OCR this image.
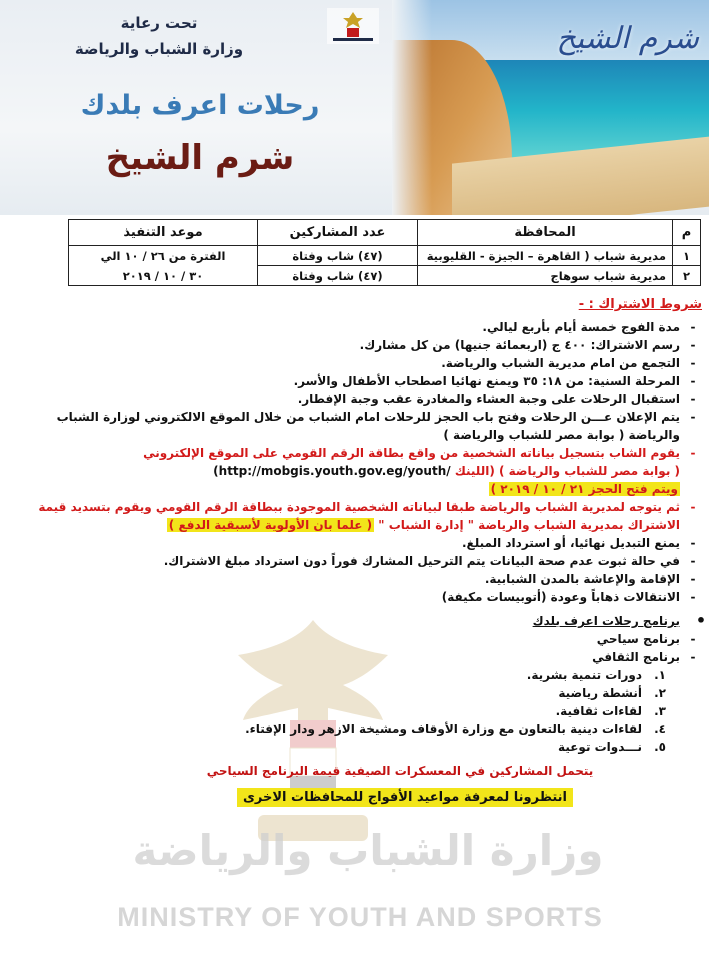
شرم الشيخ
تحت رعاية
وزارة الشباب والرياضة
رحلات اعرف بلدك
شرم الشيخ
م	المحافظة	عدد المشاركين	موعد التنفيذ
١	مديرية شباب ( القاهرة – الجيزة - القليوبية	(٤٧) شاب وفتاة	الفترة من ٢٦ / ١٠ الي
٣٠ / ١٠ / ٢٠١٩

٢	مديرية شباب سوهاج	(٤٧) شاب وفتاة	
وزارة الشباب والرياضة
MINISTRY OF YOUTH AND SPORTS
شروط الاشتراك : -
-
مدة الفوج خمسة أيام بأربع ليالي.
-
رسم الاشتراك: ٤٠٠ ج (اربعمائة جنيها) من كل مشارك.
-
التجمع من امام مديرية الشباب والرياضة.
-
المرحلة السنية: من ١٨: ٣٥ ويمنع نهائيا اصطحاب الأطفال والأسر.
-
استقبال الرحلات على وجبة العشاء والمغادرة عقب وجبة الإفطار.
-
يتم الإعلان عـــن الرحلات وفتح باب الحجز للرحلات امام الشباب من خلال الموقع الالكتروني لوزارة الشباب والرياضة ( بوابة مصر للشباب والرياضة )
-
يقوم الشاب بتسجيل بياناته الشخصية من واقع بطاقة الرقم القومي على الموقع الإلكتروني
( بوابة مصر للشباب والرياضة ) (اللينك (http://mobgis.youth.gov.eg/youth/
ويتم فتح الحجز ٢١ / ١٠ / ٢٠١٩ )
-
ثم يتوجه لمديرية الشباب والرياضة طبقا لبياناته الشخصية الموجودة ببطاقة الرقم القومي ويقوم بتسديد قيمة
الاشتراك بمديرية الشباب والرياضة " إدارة الشباب " ( علما بان الأولوية لأسبقية الدفع )
-
يمنع التبديل نهائيا، أو استرداد المبلغ.
-
في حالة ثبوت عدم صحة البيانات يتم الترحيل المشارك فوراً دون استرداد مبلغ الاشتراك.
-
الإقامة والإعاشة بالمدن الشبابية.
-
الانتقالات ذهاباً وعودة (أتوبيسات مكيفة)
•
برنامج رحلات اعرف بلدك
-
برنامج سياحي
-
برنامج الثقافي
١.
دورات تنمية بشرية.
٢.
أنشطة رياضية
٣.
لقاءات ثقافية.
٤.
لقاءات دينية بالتعاون مع وزارة الأوقاف ومشيخة الازهر ودار الإفتاء.
٥.
نـــدوات توعية
يتحمل المشاركين في المعسكرات الصيفية قيمة البرنامج السياحي
انتظرونا لمعرفة مواعيد الأفواج للمحافظات الاخرى
